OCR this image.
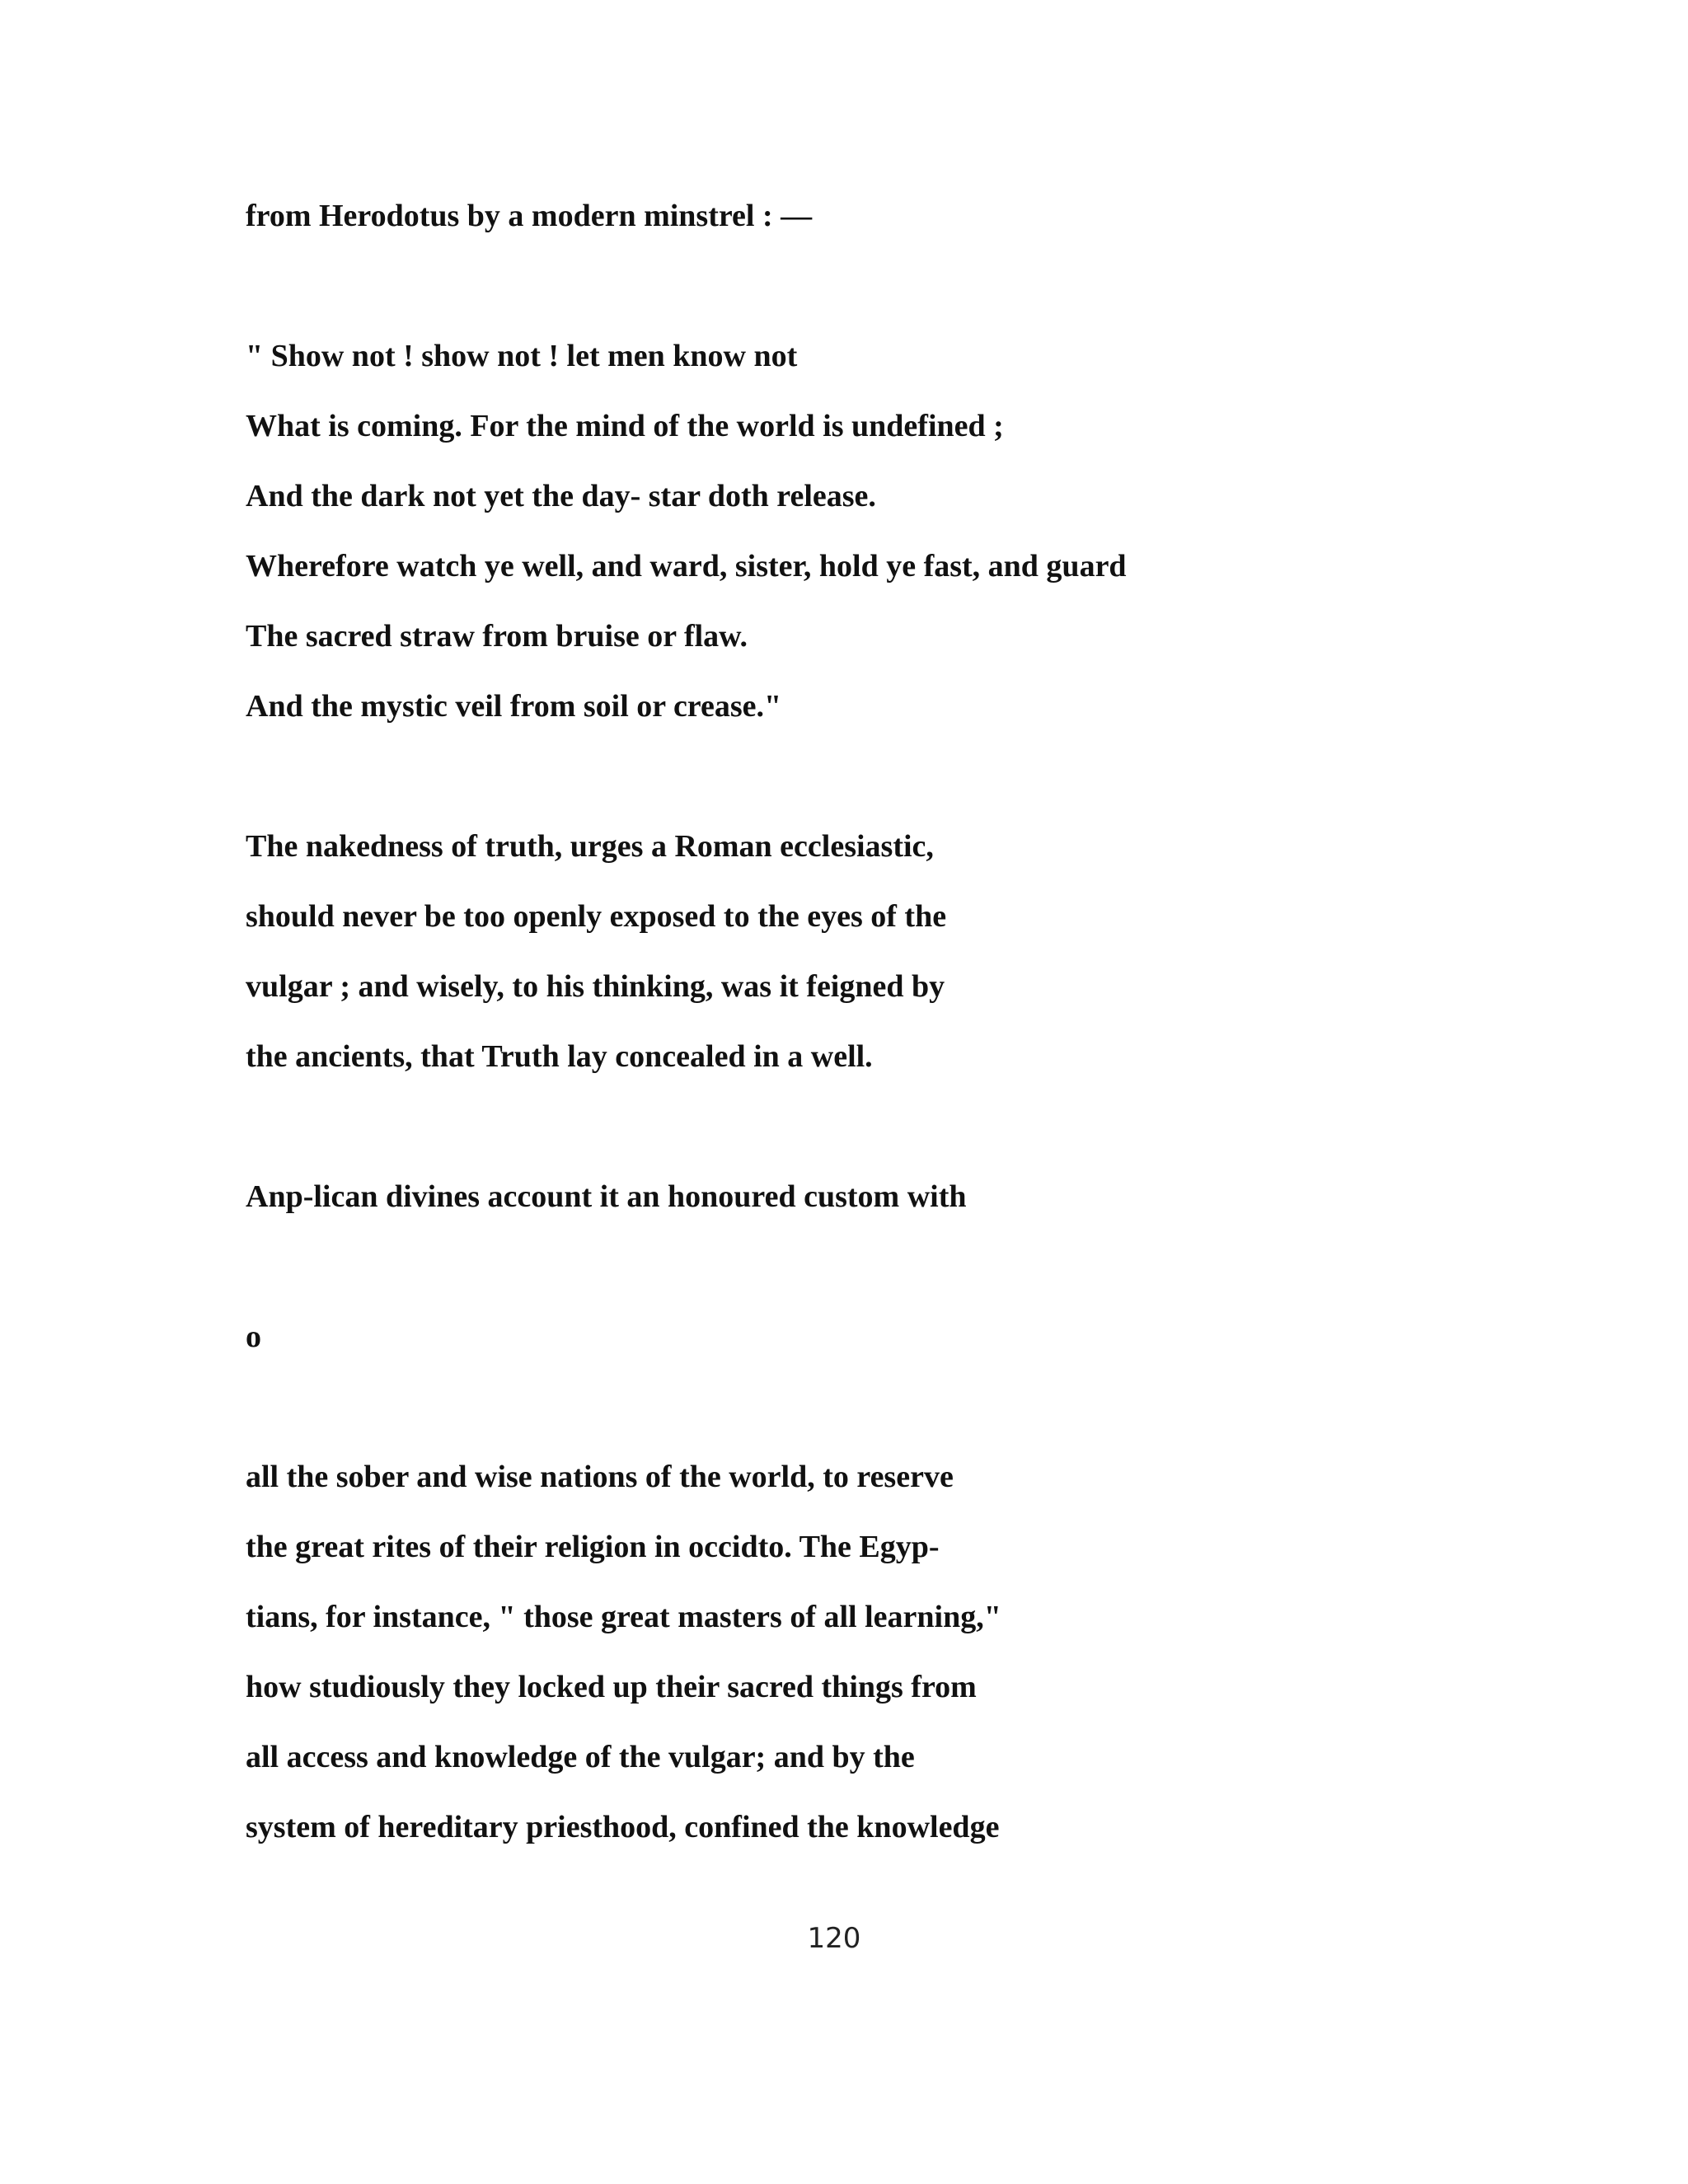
from Herodotus by a modern minstrel : —
" Show not ! show not ! let men know not
What is coming. For the mind of the world is undefined ;
And the dark not yet the day- star doth release.
Wherefore watch ye well, and ward, sister, hold ye fast, and guard
The sacred straw from bruise or flaw.
And the mystic veil from soil or crease."
The nakedness of truth, urges a Roman ecclesiastic,
should never be too openly exposed to the eyes of the
vulgar ; and wisely, to his thinking, was it feigned by
the ancients, that Truth lay concealed in a well.
Anp-lican divines account it an honoured custom with
o
all the sober and wise nations of the world, to reserve
the great rites of their religion in occidto. The Egyp-
tians, for instance, " those great masters of all learning,"
how studiously they locked up their sacred things from
all access and knowledge of the vulgar; and by the
system of hereditary priesthood, confined the knowledge
120
